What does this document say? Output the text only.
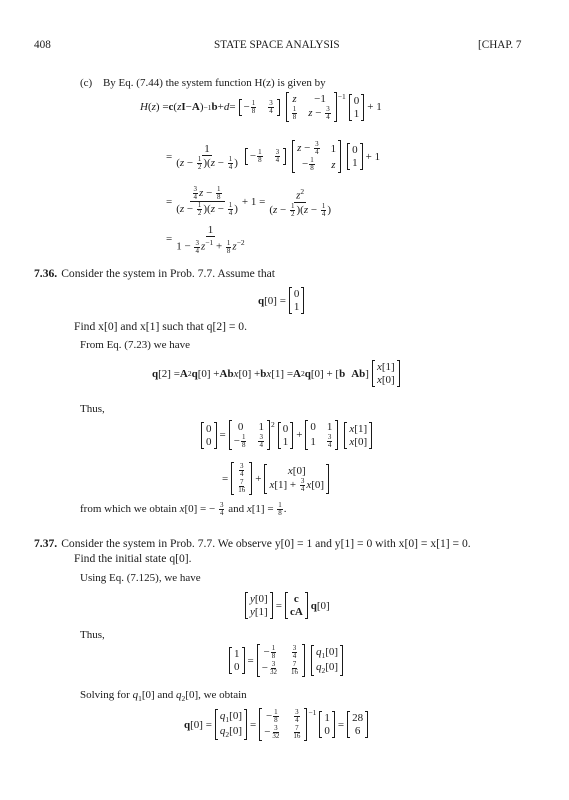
408	STATE SPACE ANALYSIS	[CHAP. 7
(c) By Eq. (7.44) the system function H(z) is given by
H ( z ) = c ( z I − A ) −1 b + d = − $\frac{1}{8} \frac{3}{4}$
z −1
$\frac{1}{8}$ $z - \frac{3}{4}$
−1 0
1
+ 1
=
1
$(z - \frac{1}{2} )(z - \frac{1}{4}$ )
− $\frac{1}{8} \frac{3}{4}$
$z - \frac{3}{4} 1$
− $\frac{1}{8}$ z
0
1
+ 1
=
$\frac{3}{4}$ $z - \frac{1}{8}$
$(z - \frac{1}{2} )(z - \frac{1}{4}$ )
+ 1 =
$z^2$
$(z - \frac{1}{2} )(z - \frac{1}{4}$ )
=
1
$1 - \frac{3}{4} z^{-1} + \frac{1}{8} z^{-2}$
7.36. Consider the system in Prob. 7.7. Assume that
q [0] =
0
1
Find x[0] and x[1] such that q[2] = 0.
From Eq. (7.23) we have
q [2] = A 2 q [0] + Ab x [0] + b x [1] = A 2 q [0] + [ b Ab ]
x[1]
x[0]
Thus,
0
0
=
0 1
− $\frac{1}{8} \frac{3}{4}$
2 0
1
+
0 1
$1 \frac{3}{4}$
x[1]
x[0]
=
$\frac{3}{4}$
$\frac{7}{16}$
+
x[0]
$x[1] + \frac{3}{4} x[0]$
from which we obtain x[0] = − $\frac{3}{4}$ and $x[1] = \frac{1}{8}$ .
7.37. Consider the system in Prob. 7.7. We observe y[0] = 1 and y[1] = 0 with x[0] = x[1] = 0.
Find the initial state q[0].
Using Eq. (7.125), we have
y[0]
y[1]
=
c
cA
q [0]
Thus,
1
0
=
− $\frac{1}{8} \frac{3}{4}$
− $\frac{3}{32} \frac{7}{16}$
$q_1[0]$
$q_2[0]$
Solving for $q_1[0]$ and $q_2[0]$, we obtain
q [0] =
$q_1[0]$
$q_2[0]$
=
− $\frac{1}{8} \frac{3}{4}$
− $\frac{3}{32} \frac{7}{16}$
−1 1
0
=
28
6
